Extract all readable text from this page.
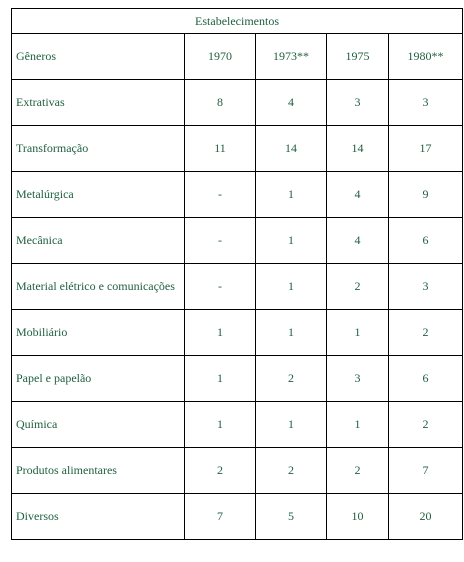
Estabelecimentos				
Gêneros	1970	1973**	1975	1980**
Extrativas	8	4	3	3
Transformação	11	14	14	17
Metalúrgica	-	1	4	9
Mecânica	-	1	4	6
Material elétrico e comunicações	-	1	2	3
Mobiliário	1	1	1	2
Papel e papelão	1	2	3	6
Química	1	1	1	2
Produtos alimentares	2	2	2	7
Diversos	7	5	10	20
